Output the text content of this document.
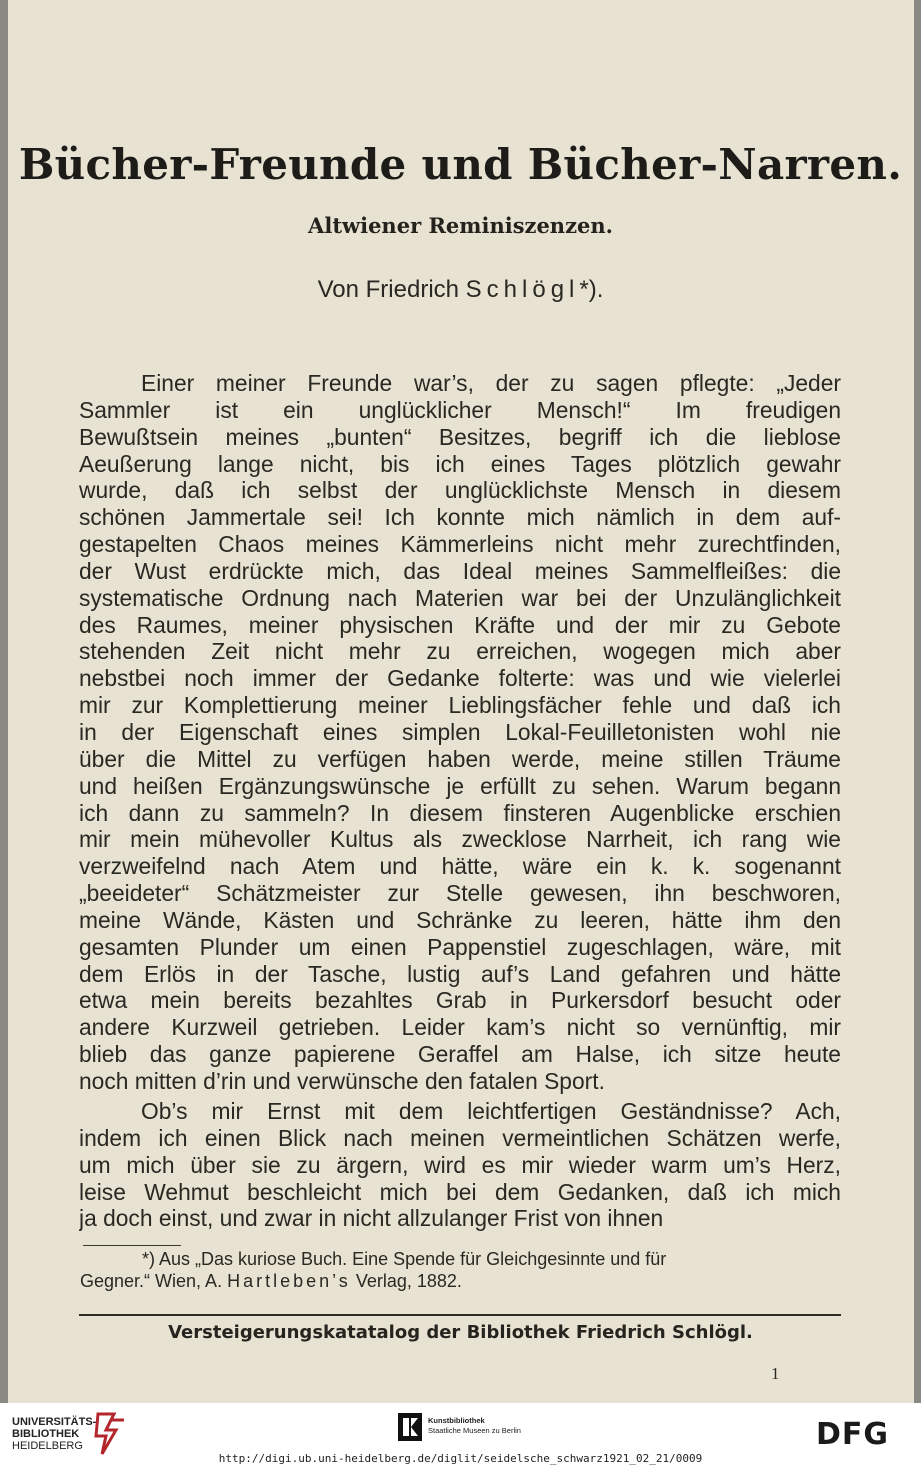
Bücher-Freunde und Bücher-Narren.
Altwiener Reminiszenzen.
Von Friedrich Schlögl*).
Einer meiner Freunde war’s, der zu sagen pflegte: „Jeder
Sammler ist ein unglücklicher Mensch!“ Im freudigen
Bewußtsein meines „bunten“ Besitzes, begriff ich die lieblose
Aeußerung lange nicht, bis ich eines Tages plötzlich gewahr
wurde, daß ich selbst der unglücklichste Mensch in diesem
schönen Jammertale sei! Ich konnte mich nämlich in dem auf-
gestapelten Chaos meines Kämmerleins nicht mehr zurechtfinden,
der Wust erdrückte mich, das Ideal meines Sammelfleißes: die
systematische Ordnung nach Materien war bei der Unzulänglichkeit
des Raumes, meiner physischen Kräfte und der mir zu Gebote
stehenden Zeit nicht mehr zu erreichen, wogegen mich aber
nebstbei noch immer der Gedanke folterte: was und wie vielerlei
mir zur Komplettierung meiner Lieblingsfächer fehle und daß ich
in der Eigenschaft eines simplen Lokal-Feuilletonisten wohl nie
über die Mittel zu verfügen haben werde, meine stillen Träume
und heißen Ergänzungswünsche je erfüllt zu sehen. Warum begann
ich dann zu sammeln? In diesem finsteren Augenblicke erschien
mir mein mühevoller Kultus als zwecklose Narrheit, ich rang wie
verzweifelnd nach Atem und hätte, wäre ein k. k. sogenannt
„beeideter“ Schätzmeister zur Stelle gewesen, ihn beschworen,
meine Wände, Kästen und Schränke zu leeren, hätte ihm den
gesamten Plunder um einen Pappenstiel zugeschlagen, wäre, mit
dem Erlös in der Tasche, lustig auf’s Land gefahren und hätte
etwa mein bereits bezahltes Grab in Purkersdorf besucht oder
andere Kurzweil getrieben. Leider kam’s nicht so vernünftig, mir
blieb das ganze papierene Geraffel am Halse, ich sitze heute
noch mitten d’rin und verwünsche den fatalen Sport.
Ob’s mir Ernst mit dem leichtfertigen Geständnisse? Ach,
indem ich einen Blick nach meinen vermeintlichen Schätzen werfe,
um mich über sie zu ärgern, wird es mir wieder warm um’s Herz,
leise Wehmut beschleicht mich bei dem Gedanken, daß ich mich
ja doch einst, und zwar in nicht allzulanger Frist von ihnen
*) Aus „Das kuriose Buch. Eine Spende für Gleichgesinnte und für
Gegner.“ Wien, A. Hartleben’s Verlag, 1882.
Versteigerungskatatalog der Bibliothek Friedrich Schlögl.
1
UNIVERSITÄTS-
BIBLIOTHEK
HEIDELBERG
Kunstbibliothek
Staatliche Museen zu Berlin	DFG
http://digi.ub.uni-heidelberg.de/diglit/seidelsche_schwarz1921_02_21/0009
